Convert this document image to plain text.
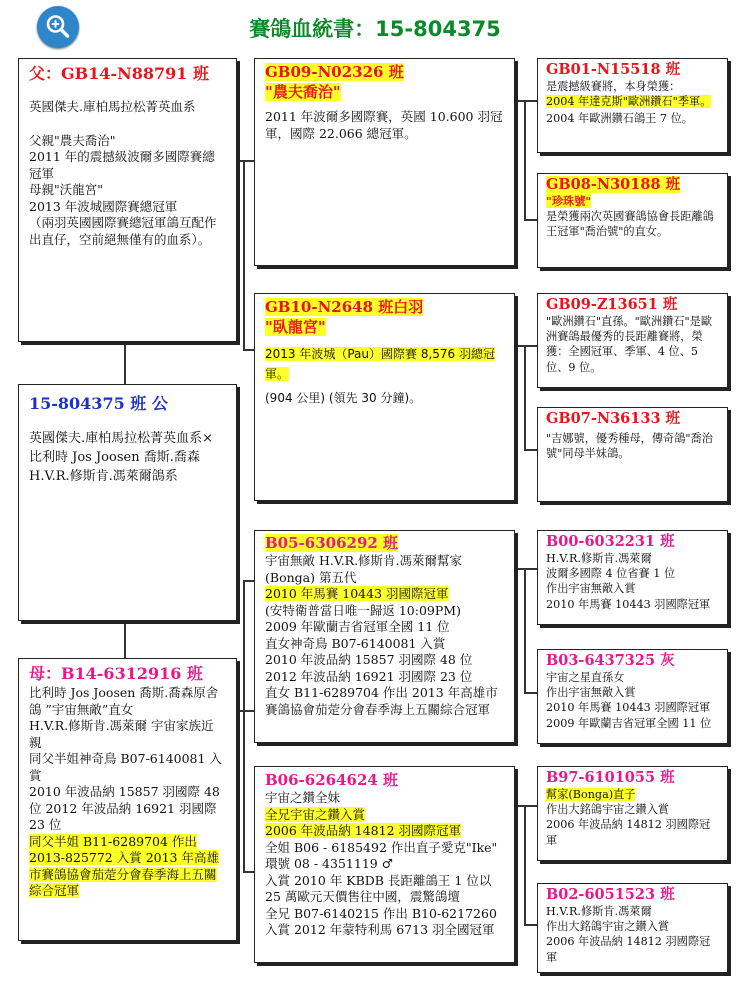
賽鴿血統書：15-804375
父：GB14-N88791 班
英國傑夫.庫柏馬拉松菁英血系
父親"農夫喬治"
2011 年的震撼級波爾多國際賽總冠軍
母親"沃龍宮"
2013 年波城國際賽總冠軍
（兩羽英國國際賽總冠軍鴿互配作出直仔，空前絕無僅有的血系）。
15-804375 班 公
英國傑夫.庫柏馬拉松菁英血系×比利時 Jos Joosen 喬斯.喬森 H.V.R.修斯肯.馮萊爾鴿系
母：B14-6312916 班
比利時 Jos Joosen 喬斯.喬森原舍鴿 ”宇宙無敵”直女
H.V.R.修斯肯.馮萊爾 宇宙家族近親
同父半姐神奇鳥 B07-6140081 入賞
2010 年波品納 15857 羽國際 48 位 2012 年波品納 16921 羽國際 23 位
同父半姐 B11-6289704 作出 2013-825772 入賞 2013 年高雄市賽鴿協會茄萣分會春季海上五關綜合冠軍
GB09-N02326 班
"農夫喬治"
2011 年波爾多國際賽，英國 10.600 羽冠軍，國際 22.066 總冠軍。
GB10-N2648 班白羽
"臥龍宮"
2013 年波城（Pau）國際賽 8,576 羽總冠軍。
(904 公里) (領先 30 分鐘)。
B05-6306292 班
宇宙無敵 H.V.R.修斯肯.馮萊爾幫家(Bonga) 第五代
2010 年馬賽 10443 羽國際冠軍
(安特衛普當日唯一歸返 10:09PM)
2009 年歐蘭吉省冠軍全國 11 位
直女神奇鳥 B07-6140081 入賞
2010 年波品納 15857 羽國際 48 位
2012 年波品納 16921 羽國際 23 位
直女 B11-6289704 作出 2013 年高雄市賽鴿協會茄萣分會春季海上五關綜合冠軍
B06-6264624 班
宇宙之鑽全妹
全兄宇宙之鑽入賞
2006 年波品納 14812 羽國際冠軍
全姐 B06 - 6185492 作出直子愛克"Ike" 環號 08 - 4351119 ♂
入賞 2010 年 KBDB 長距離鴿王 1 位以 25 萬歐元天價售往中國，震驚鴿壇
全兄 B07-6140215 作出 B10-6217260 入賞 2012 年蒙特利馬 6713 羽全國冠軍
GB01-N15518 班
是震撼級賽將，本身榮獲：
2004 年達克斯"歐洲鑽石"季軍。
2004 年歐洲鑽石鴿王 7 位。
GB08-N30188 班
"珍珠號"
是榮獲兩次英國賽鴿協會長距離鴿王冠軍"喬治號"的直女。
GB09-Z13651 班
"歐洲鑽石"直孫。"歐洲鑽石"是歐洲賽鴿最優秀的長距離賽將，榮獲：全國冠軍、季軍、4 位、5 位、9 位。
GB07-N36133 班
"吉娜號，優秀種母，傳奇鴿"喬治號"同母半妹鴿。
B00-6032231 班
H.V.R.修斯肯.馮萊爾
波爾多國際 4 位省賽 1 位
作出宇宙無敵入賞
2010 年馬賽 10443 羽國際冠軍
B03-6437325 灰
宇宙之星直孫女
作出宇宙無敵入賞
2010 年馬賽 10443 羽國際冠軍
2009 年歐蘭吉省冠軍全國 11 位
B97-6101055 班
幫家(Bonga)直子
作出大銘鴿宇宙之鑽入賞
2006 年波品納 14812 羽國際冠軍
B02-6051523 班
H.V.R.修斯肯.馮萊爾
作出大銘鴿宇宙之鑽入賞
2006 年波品納 14812 羽國際冠軍
